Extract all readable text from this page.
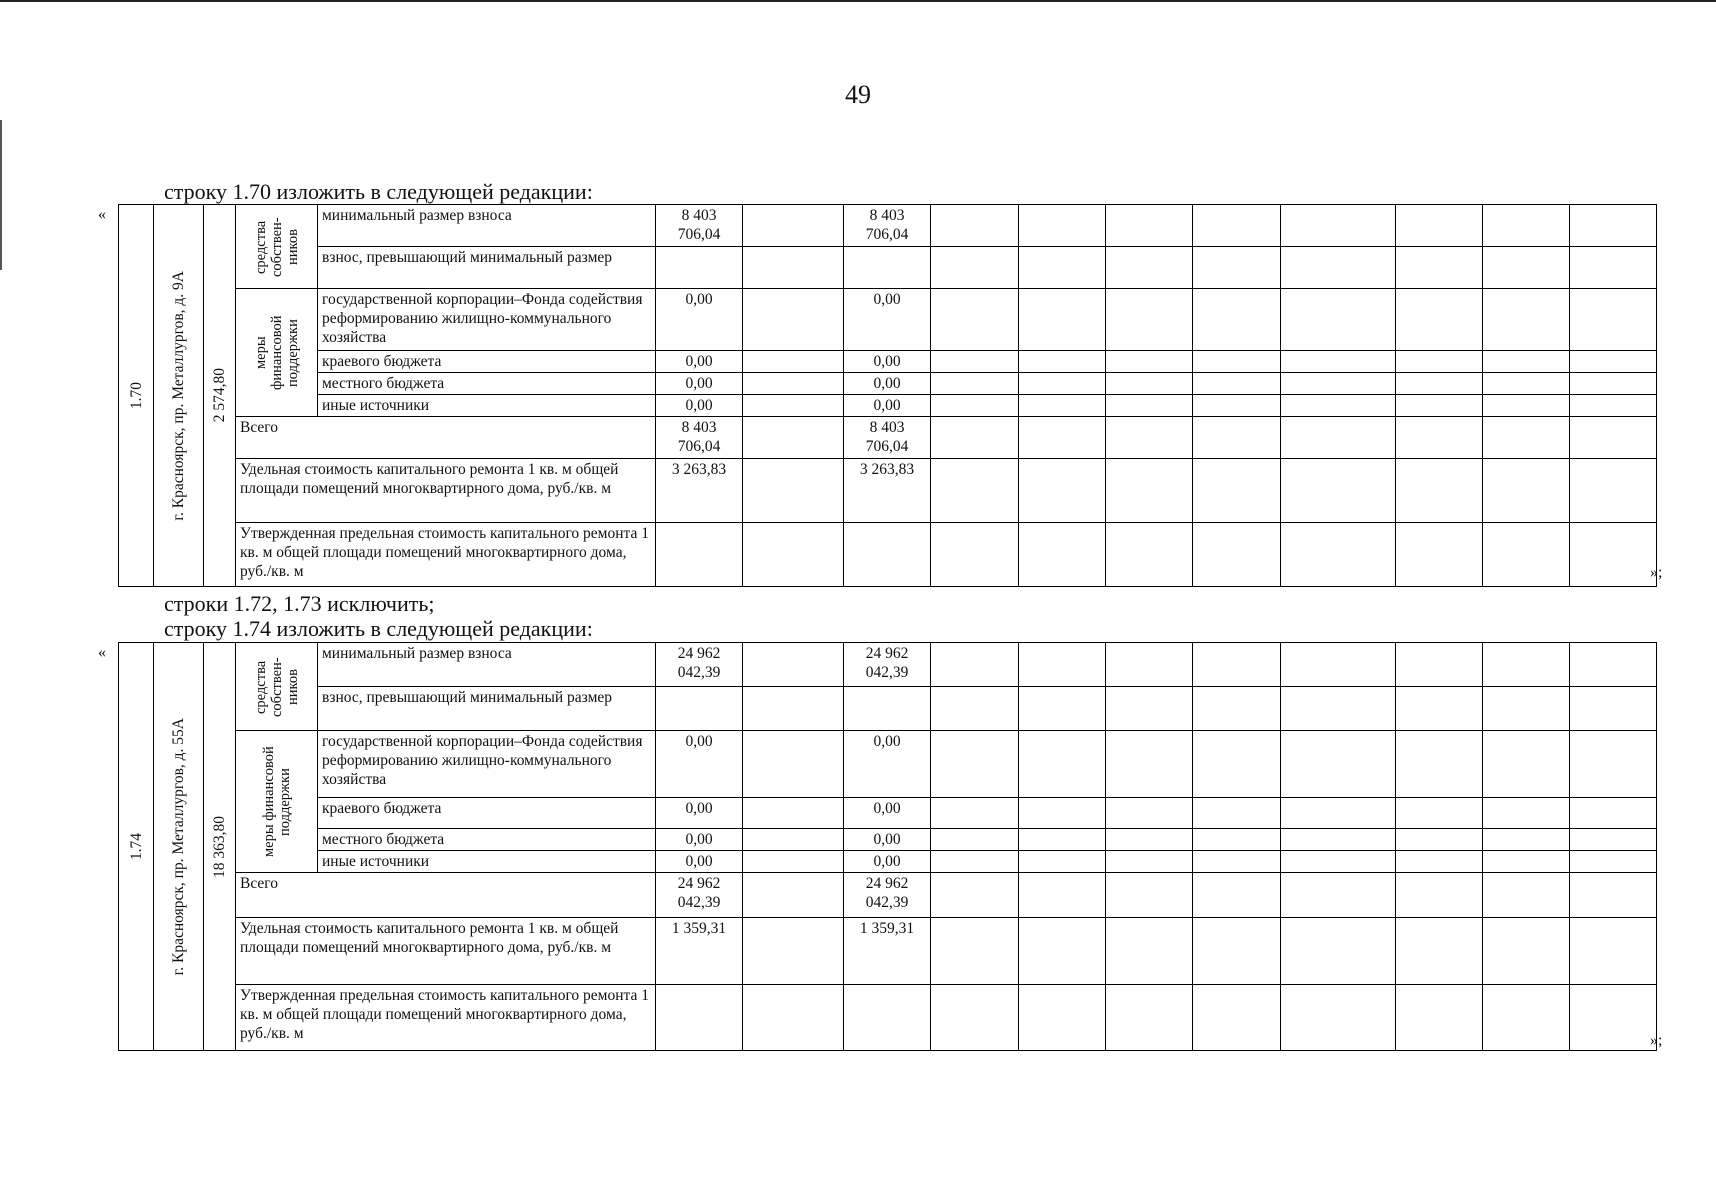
49
строку 1.70 изложить в следующей редакции:
«
1.70	г. Красноярск, пр. Металлургов, д. 9А	2 574,80	средства собствен- ников	минимальный размер взноса	8 403 706,04		8 403 706,04								
				взнос, превышающий минимальный размер											

			меры финансовой поддержки	государственной корпорации–Фонда содействия реформированию жилищно-коммунального хозяйства	0,00		0,00								
				краевого бюджета	0,00		0,00								
				местного бюджета	0,00		0,00								
				иные источники	0,00		0,00								
			Всего		8 403 706,04		8 403 706,04								
			Удельная стоимость капитального ремонта 1 кв. м общей площади помещений многоквартирного дома, руб./кв. м		3 263,83		3 263,83								
			Утвержденная предельная стоимость капитального ремонта 1 кв. м общей площади помещений многоквартирного дома, руб./кв. м													»;
строки 1.72, 1.73 исключить;
строку 1.74 изложить в следующей редакции:
«
1.74	г. Красноярск, пр. Металлургов, д. 55А	18 363,80	средства собствен- ников	минимальный размер взноса	24 962 042,39		24 962 042,39								
				взнос, превышающий минимальный размер											

			меры финансовой поддержки	государственной корпорации–Фонда содействия реформированию жилищно-коммунального хозяйства	0,00		0,00								
				краевого бюджета	0,00		0,00								
				местного бюджета	0,00		0,00								
				иные источники	0,00		0,00								
			Всего		24 962 042,39		24 962 042,39								
			Удельная стоимость капитального ремонта 1 кв. м общей площади помещений многоквартирного дома, руб./кв. м		1 359,31		1 359,31								
			Утвержденная предельная стоимость капитального ремонта 1 кв. м общей площади помещений многоквартирного дома, руб./кв. м													»;
